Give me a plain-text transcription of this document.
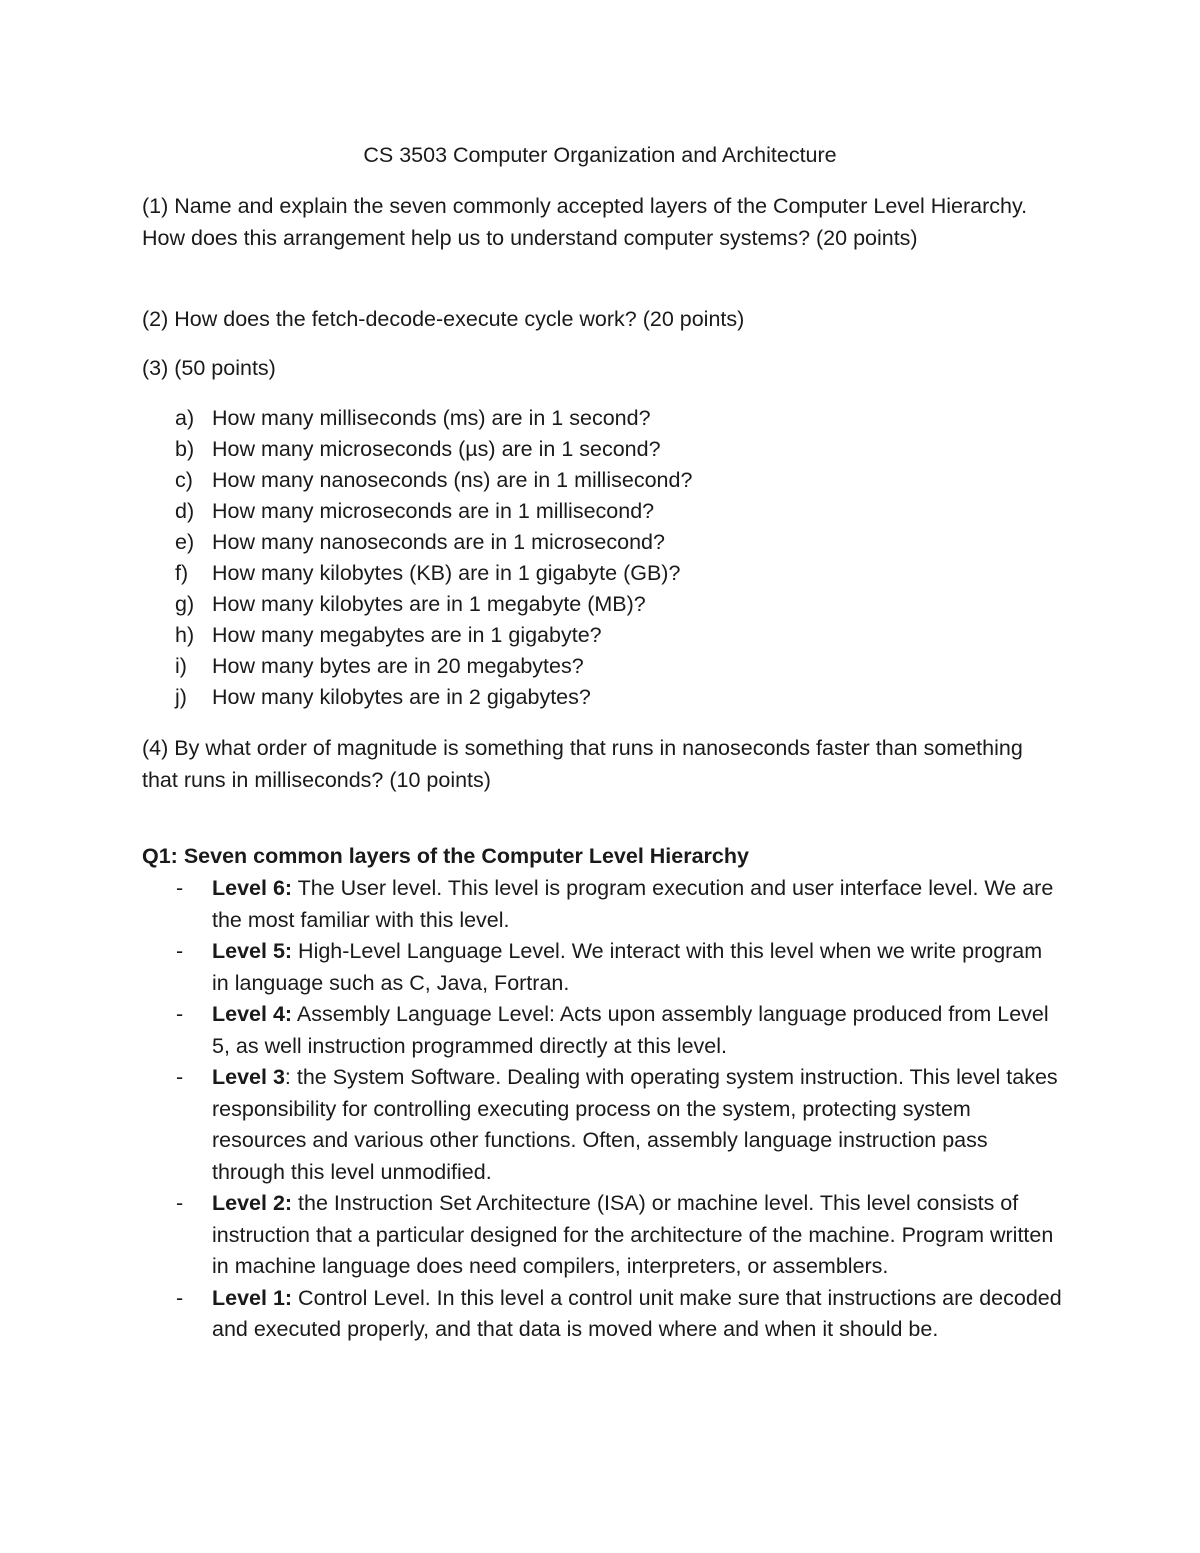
CS 3503 Computer Organization and Architecture
(1) Name and explain the seven commonly accepted layers of the Computer Level Hierarchy. How does this arrangement help us to understand computer systems? (20 points)
(2) How does the fetch-decode-execute cycle work? (20 points)
(3) (50 points)
a) How many milliseconds (ms) are in 1 second?
b) How many microseconds (µs) are in 1 second?
c) How many nanoseconds (ns) are in 1 millisecond?
d) How many microseconds are in 1 millisecond?
e) How many nanoseconds are in 1 microsecond?
f) How many kilobytes (KB) are in 1 gigabyte (GB)?
g) How many kilobytes are in 1 megabyte (MB)?
h) How many megabytes are in 1 gigabyte?
i) How many bytes are in 20 megabytes?
j) How many kilobytes are in 2 gigabytes?
(4) By what order of magnitude is something that runs in nanoseconds faster than something that runs in milliseconds? (10 points)
Q1: Seven common layers of the Computer Level Hierarchy
- Level 6: The User level. This level is program execution and user interface level. We are the most familiar with this level.
- Level 5: High-Level Language Level. We interact with this level when we write program in language such as C, Java, Fortran.
- Level 4: Assembly Language Level: Acts upon assembly language produced from Level 5, as well instruction programmed directly at this level.
- Level 3: the System Software. Dealing with operating system instruction. This level takes responsibility for controlling executing process on the system, protecting system resources and various other functions. Often, assembly language instruction pass through this level unmodified.
- Level 2: the Instruction Set Architecture (ISA) or machine level. This level consists of instruction that a particular designed for the architecture of the machine. Program written in machine language does need compilers, interpreters, or assemblers.
- Level 1: Control Level. In this level a control unit make sure that instructions are decoded and executed properly, and that data is moved where and when it should be.
